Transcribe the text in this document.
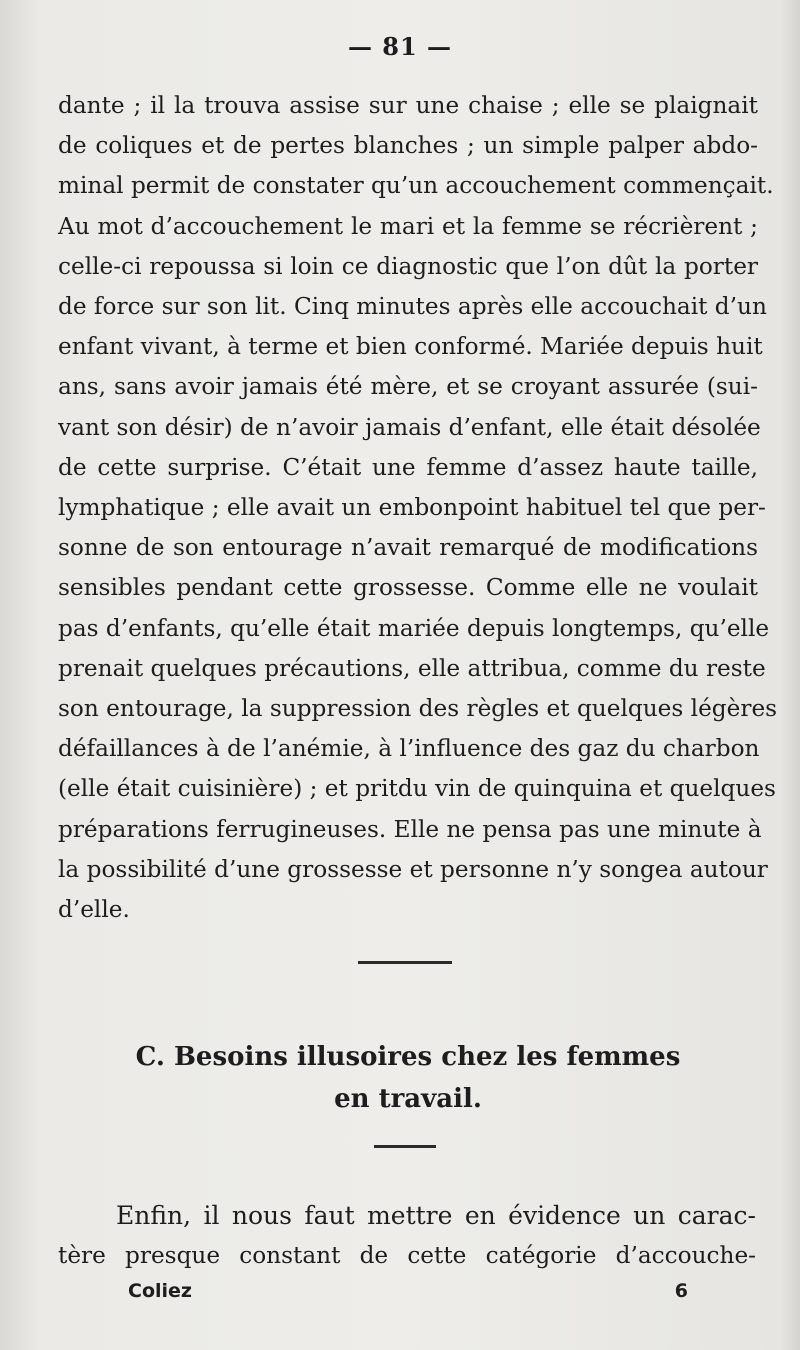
— 81 —
dante ; il la trouva assise sur une chaise ; elle se plaignait
de coliques et de pertes blanches ; un simple palper abdo-
minal permit de constater qu’un accouchement commençait.
Au mot d’accouchement le mari et la femme se récrièrent ;
celle-ci repoussa si loin ce diagnostic que l’on dût la porter
de force sur son lit. Cinq minutes après elle accouchait d’un
enfant vivant, à terme et bien conformé. Mariée depuis huit
ans, sans avoir jamais été mère, et se croyant assurée (sui-
vant son désir) de n’avoir jamais d’enfant, elle était désolée
de cette surprise. C’était une femme d’assez haute taille,
lymphatique ; elle avait un embonpoint habituel tel que per-
sonne de son entourage n’avait remarqué de modifications
sensibles pendant cette grossesse. Comme elle ne voulait
pas d’enfants, qu’elle était mariée depuis longtemps, qu’elle
prenait quelques précautions, elle attribua, comme du reste
son entourage, la suppression des règles et quelques légères
défaillances à de l’anémie, à l’influence des gaz du charbon
(elle était cuisinière) ; et pritdu vin de quinquina et quelques
préparations ferrugineuses. Elle ne pensa pas une minute à
la possibilité d’une grossesse et personne n’y songea autour
d’elle.
C. Besoins illusoires chez les femmes
en travail.
Enfin, il nous faut mettre en évidence un carac-
tère presque constant de cette catégorie d’accouche-
Coliez	6
